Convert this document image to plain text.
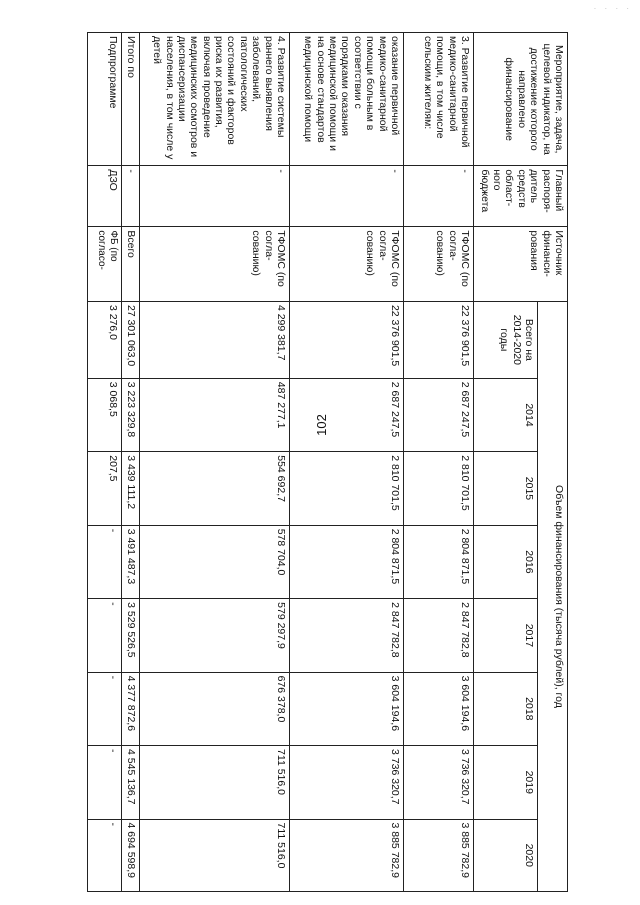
· · · ·
102
Мероприятие, задача, целевой индикатор, на достижение которого направлено финансирование	Главный распоря-дитель средств област-ного бюджета	Источник финанси-рования	Объем финансирования (тысяча рублей), год							
			Всего на 2014-2020 годы	2014	2015	2016	2017	2018	2019	2020
3. Развитие первичной медико-санитарной помощи, в том числе сельским жителям:	-	ТФОМС (по согла-сованию)	22 376 901,5	2 687 247,5	2 810 701,5	2 804 871,5	2 847 782,8	3 604 194,6	3 736 320,7	3 885 782,9
оказание первичной медико-санитарной помощи больным в соответствии с порядками оказания медицинской помощи и на основе стандартов медицинской помощи	-	ТФОМС (по согла-сованию)	22 376 901,5	2 687 247,5	2 810 701,5	2 804 871,5	2 847 782,8	3 604 194,6	3 736 320,7	3 885 782,9
4. Развитие системы раннего выявления заболеваний, патологических состояний и факторов риска их развития, включая проведение медицинских осмотров и диспансеризации населения, в том числе у детей	-	ТФОМС (по согла-сованию)	4 299 381,7	487 277,1	554 692,7	578 704,0	579 297,9	676 378,0	711 516,0	711 516,0
Итого по	-	Всего	27 301 063,0	3 223 329,8	3 439 111,2	3 491 487,3	3 529 526,5	4 377 872,6	4 545 136,7	4 694 598,9
Подпрограмме	ДЗО	ФБ (по согласо-	3 276,0	3 068,5	207,5	-	-	-	-	-
